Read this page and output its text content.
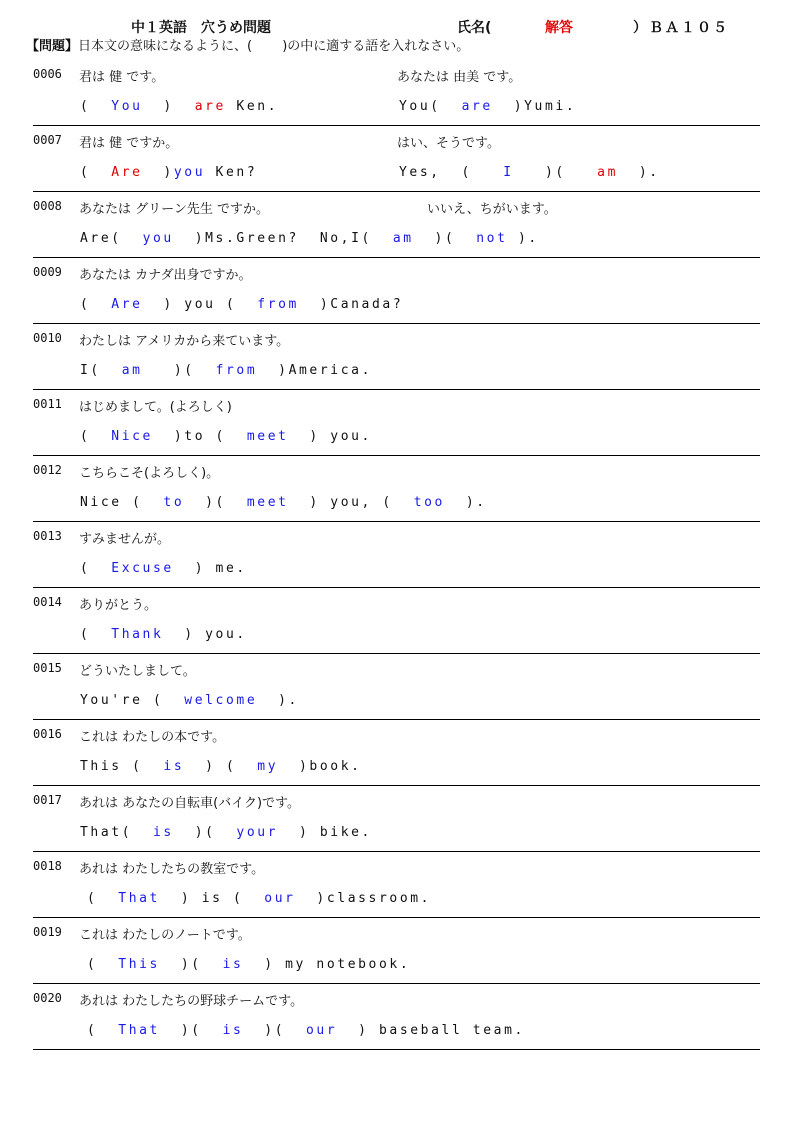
中１英語　穴うめ問題	氏名(	解答	）ＢＡ１０５
【問題】日本文の意味になるように、(　　 )の中に適する語を入れなさい。
0006 君は 健 です。	あなたは 由美 です。
(  You  )  are Ken.	You(  are  )Yumi.
0007 君は 健 ですか。	はい、そうです。
(  Are  )you Ken?	Yes,  (   I   )(   am  ).
0008 あなたは グリーン先生 ですか。	いいえ、ちがいます。
Are(  you  )Ms.Green?  No,I(  am  )(  not ).
0009 あなたは カナダ出身ですか。
(  Are  ) you (  from  )Canada?
0010 わたしは アメリカから来ています。
I(  am   )(  from  )America.
0011 はじめまして。(よろしく)
(  Nice  )to (  meet  ) you.
0012 こちらこそ(よろしく)。
Nice (  to  )(  meet  ) you, (  too  ).
0013 すみませんが。
(  Excuse  ) me.
0014 ありがとう。
(  Thank  ) you.
0015 どういたしまして。
You're (  welcome  ).
0016 これは わたしの本です。
This (  is  ) (  my  )book.
0017 あれは あなたの自転車(バイク)です。
That(  is  )(  your  ) bike.
0018 あれは わたしたちの教室です。
(  That  ) is (  our  )classroom.
0019 これは わたしのノートです。
(  This  )(  is  ) my notebook.
0020 あれは わたしたちの野球チームです。
(  That  )(  is  )(  our  ) baseball team.
